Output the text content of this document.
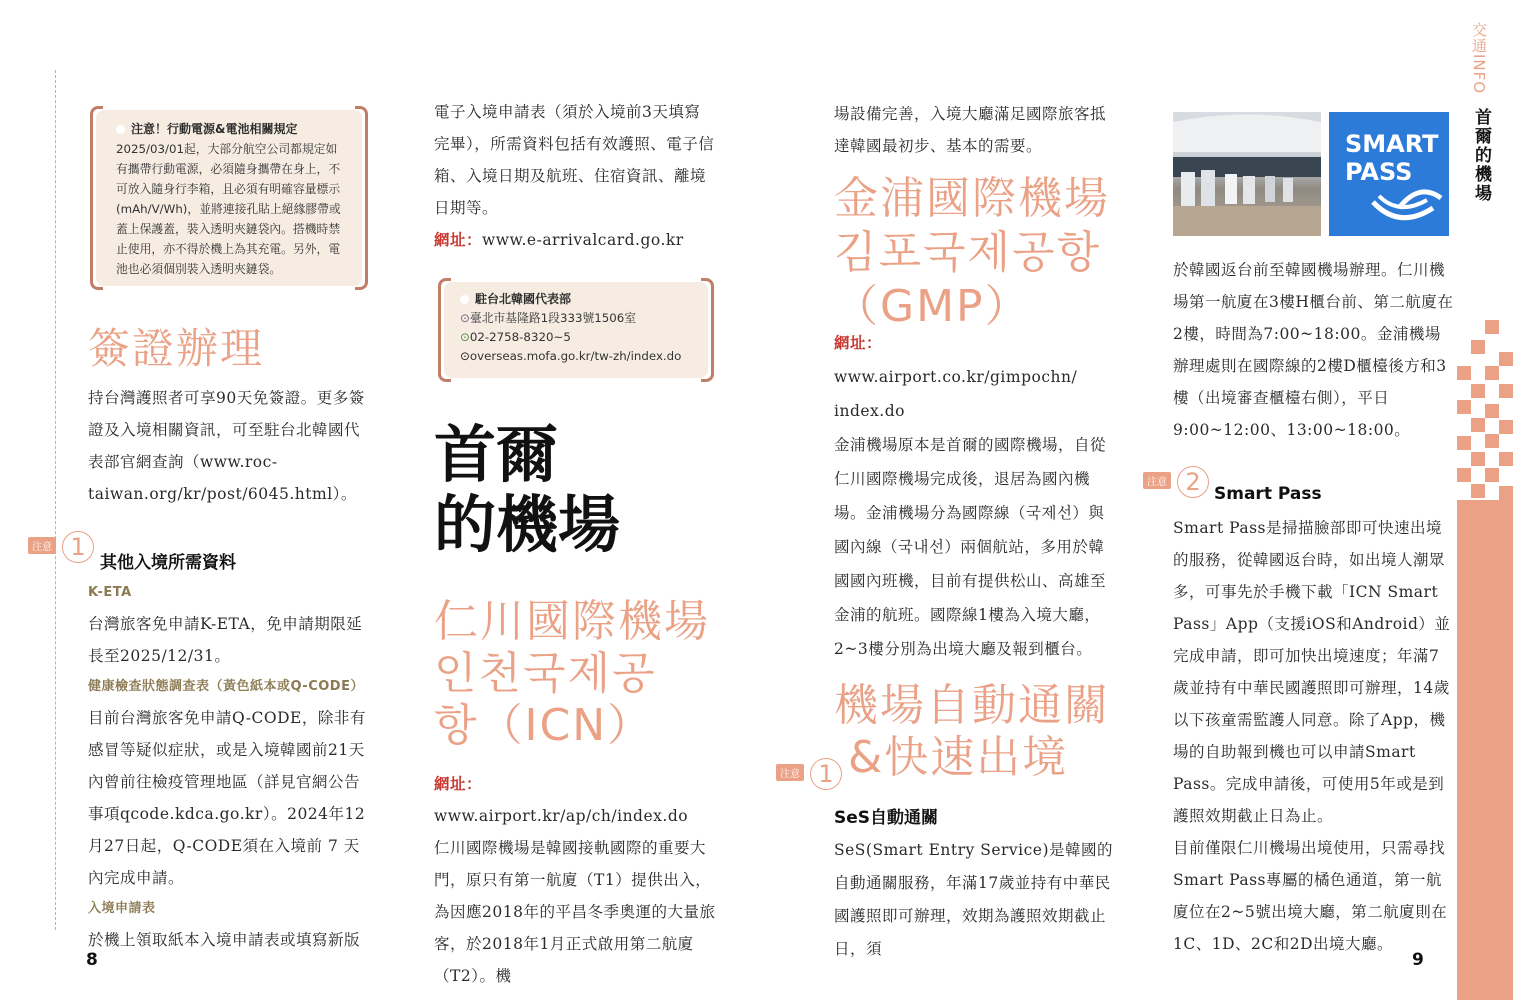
注意！行動電源&電池相關規定
2025/03/01起，大部分航空公司都規定如有攜帶行動電源，必須隨身攜帶在身上，不可放入隨身行李箱，且必須有明確容量標示(mAh/V/Wh)，並將連接孔貼上絕緣膠帶或蓋上保護蓋，裝入透明夾鏈袋內。搭機時禁止使用，亦不得於機上為其充電。另外，電池也必須個別裝入透明夾鏈袋。
簽證辦理

持台灣護照者可享90天免簽證。更多簽證及入境相關資訊，可至駐台北韓國代表部官網查詢（www.roc-taiwan.org/kr/post/6045.html）。

注意 1
其他入境所需資料
K-ETA

台灣旅客免申請K-ETA，免申請期限延長至2025/12/31。

健康檢查狀態調查表（黃色紙本或Q-CODE）

目前台灣旅客免申請Q-CODE，除非有感冒等疑似症狀，或是入境韓國前21天內曾前往檢疫管理地區（詳見官網公告事項qcode.kdca.go.kr）。2024年12月27日起，Q-CODE須在入境前 7 天內完成申請。

入境申請表

於機上領取紙本入境申請表或填寫新版

8

電子入境申請表（須於入境前3天填寫完畢），所需資料包括有效護照、電子信箱、入境日期及航班、住宿資訊、離境日期等。

網址：www.e-arrivalcard.go.kr

駐台北韓國代表部
⊙臺北市基隆路1段333號1506室
⊙02-2758-8320~5
⊙overseas.mofa.go.kr/tw-zh/index.do
首爾
的機場
仁川國際機場
인천국제공
항（ICN）

網址：www.airport.kr/ap/ch/index.do

仁川國際機場是韓國接軌國際的重要大門，原只有第一航廈（T1）提供出入，為因應2018年的平昌冬季奧運的大量旅客，於2018年1月正式啟用第二航廈（T2）。機

場設備完善，入境大廳滿足國際旅客抵達韓國最初步、基本的需要。

金浦國際機場
김포국제공항
（GMP）

網址：www.airport.co.kr/gimpochn/

index.do

金浦機場原本是首爾的國際機場，自從仁川國際機場完成後，退居為國內機場。金浦機場分為國際線（국제선）與國內線（국내선）兩個航站，多用於韓國國內班機，目前有提供松山、高雄至金浦的航班。國際線1樓為入境大廳，2~3樓分別為出境大廳及報到櫃台。

機場自動通關
&快速出境
注意 1
SeS自動通關

SeS(Smart Entry Service)是韓國的自動通關服務，年滿17歲並持有中華民國護照即可辦理，效期為護照效期截止日，須

SMART
PASS

於韓國返台前至韓國機場辦理。仁川機場第一航廈在3樓H櫃台前、第二航廈在2樓，時間為7:00~18:00。金浦機場辦理處則在國際線的2樓D櫃檯後方和3樓（出境審查櫃檯右側），平日9:00~12:00、13:00~18:00。

注意 2 Smart Pass

Smart Pass是掃描臉部即可快速出境的服務，從韓國返台時，如出境人潮眾多，可事先於手機下載「ICN Smart Pass」App（支援iOS和Android）並完成申請，即可加快出境速度；年滿7歲並持有中華民國護照即可辦理，14歲以下孩童需監護人同意。除了App，機場的自助報到機也可以申請Smart Pass。完成申請後，可使用5年或是到護照效期截止日為止。

目前僅限仁川機場出境使用，只需尋找Smart Pass專屬的橘色通道，第一航廈位在2~5號出境大廳，第二航廈則在1C、1D、2C和2D出境大廳。

9
交通INFO
首爾的機場
